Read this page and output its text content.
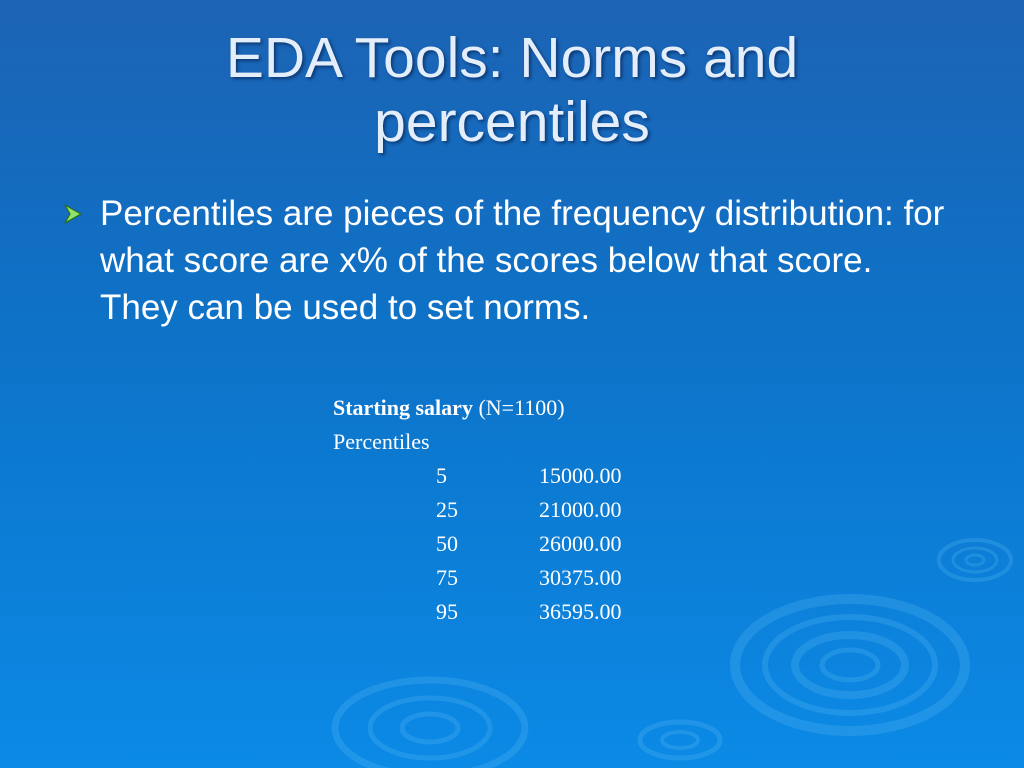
EDA Tools: Norms and
percentiles
Percentiles are pieces of the frequency distribution: for what score are x% of the scores below that score. They can be used to set norms.
Starting salary (N=1100)
Percentiles
5	15000.00
25	21000.00
50	26000.00
75	30375.00
95	36595.00
